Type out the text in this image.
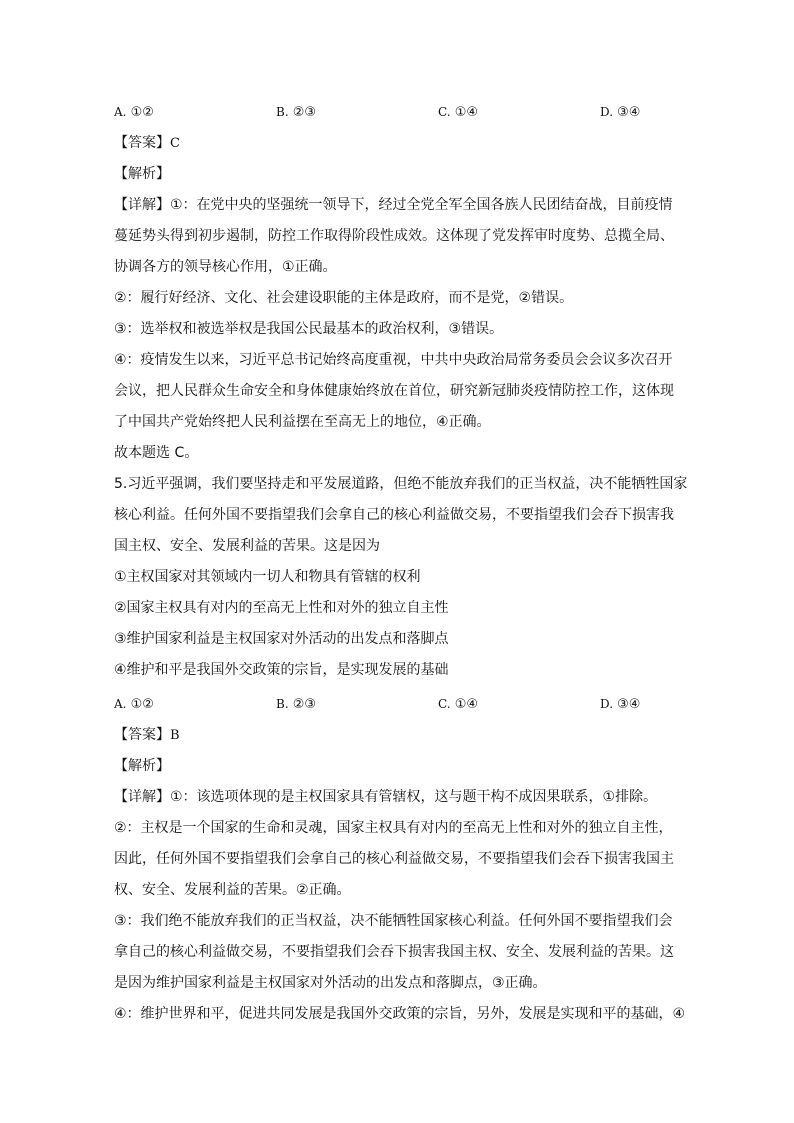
A. ①②	B. ②③	C. ①④	D. ③④
【答案】C
【解析】
【详解】①：在党中央的坚强统一领导下，经过全党全军全国各族人民团结奋战，目前疫情
蔓延势头得到初步遏制，防控工作取得阶段性成效。这体现了党发挥审时度势、总揽全局、
协调各方的领导核心作用，①正确。
②：履行好经济、文化、社会建设职能的主体是政府，而不是党，②错误。
③：选举权和被选举权是我国公民最基本的政治权利，③错误。
④：疫情发生以来，习近平总书记始终高度重视，中共中央政治局常务委员会会议多次召开
会议，把人民群众生命安全和身体健康始终放在首位，研究新冠肺炎疫情防控工作，这体现
了中国共产党始终把人民利益摆在至高无上的地位，④正确。
故本题选 C。
5.习近平强调，我们要坚持走和平发展道路，但绝不能放弃我们的正当权益，决不能牺牲国家
核心利益。任何外国不要指望我们会拿自己的核心利益做交易，不要指望我们会吞下损害我
国主权、安全、发展利益的苦果。这是因为
①主权国家对其领域内一切人和物具有管辖的权利
②国家主权具有对内的至高无上性和对外的独立自主性
③维护国家利益是主权国家对外活动的出发点和落脚点
④维护和平是我国外交政策的宗旨，是实现发展的基础
A. ①②	B. ②③	C. ①④	D. ③④
【答案】B
【解析】
【详解】①：该选项体现的是主权国家具有管辖权，这与题干构不成因果联系，①排除。
②：主权是一个国家的生命和灵魂，国家主权具有对内的至高无上性和对外的独立自主性，
因此，任何外国不要指望我们会拿自己的核心利益做交易，不要指望我们会吞下损害我国主
权、安全、发展利益的苦果。②正确。
③：我们绝不能放弃我们的正当权益，决不能牺牲国家核心利益。任何外国不要指望我们会
拿自己的核心利益做交易，不要指望我们会吞下损害我国主权、安全、发展利益的苦果。这
是因为维护国家利益是主权国家对外活动的出发点和落脚点，③正确。
④：维护世界和平，促进共同发展是我国外交政策的宗旨，另外，发展是实现和平的基础，④
